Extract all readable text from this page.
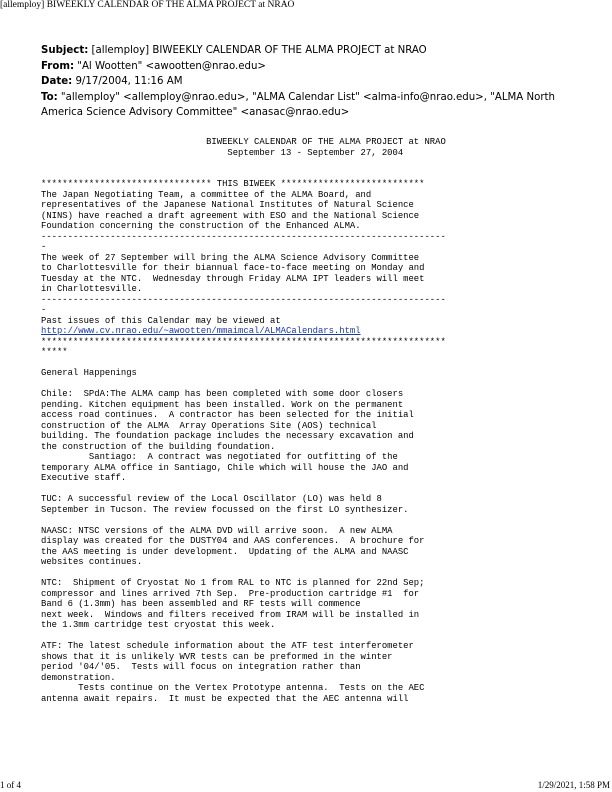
[allemploy] BIWEEKLY CALENDAR OF THE ALMA PROJECT at NRAO

Subject: [allemploy] BIWEEKLY CALENDAR OF THE ALMA PROJECT at NRAO

From: "Al Wootten" <awootten@nrao.edu>

Date: 9/17/2004, 11:16 AM

To: "allemploy" <allemploy@nrao.edu>, "ALMA Calendar List" <alma-info@nrao.edu>, "ALMA North
America Science Advisory Committee" <anasac@nrao.edu>

BIWEEKLY CALENDAR OF THE ALMA PROJECT at NRAO
September 13 - September 27, 2004
******************************** THIS BIWEEK ***************************
The Japan Negotiating Team, a committee of the ALMA Board, and
representatives of the Japanese National Institutes of Natural Science
(NINS) have reached a draft agreement with ESO and the National Science
Foundation concerning the construction of the Enhanced ALMA.
----------------------------------------------------------------------------
-
The week of 27 September will bring the ALMA Science Advisory Committee
to Charlottesville for their biannual face-to-face meeting on Monday and
Tuesday at the NTC.  Wednesday through Friday ALMA IPT leaders will meet
in Charlottesville.
----------------------------------------------------------------------------
-
Past issues of this Calendar may be viewed at
http://www.cv.nrao.edu/~awootten/mmaimcal/ALMACalendars.html
****************************************************************************
*****
General Happenings
Chile:  SPdA:The ALMA camp has been completed with some door closers
pending. Kitchen equipment has been installed. Work on the permanent
access road continues.  A contractor has been selected for the initial
construction of the ALMA  Array Operations Site (AOS) technical
building. The foundation package includes the necessary excavation and
the construction of the building foundation.
Santiago:  A contract was negotiated for outfitting of the
temporary ALMA office in Santiago, Chile which will house the JAO and
Executive staff.
TUC: A successful review of the Local Oscillator (LO) was held 8
September in Tucson. The review focussed on the first LO synthesizer.
NAASC: NTSC versions of the ALMA DVD will arrive soon.  A new ALMA
display was created for the DUSTY04 and AAS conferences.  A brochure for
the AAS meeting is under development.  Updating of the ALMA and NAASC
websites continues.
NTC:  Shipment of Cryostat No 1 from RAL to NTC is planned for 22nd Sep;
compressor and lines arrived 7th Sep.  Pre-production cartridge #1  for
Band 6 (1.3mm) has been assembled and RF tests will commence
next week.  Windows and filters received from IRAM will be installed in
the 1.3mm cartridge test cryostat this week.
ATF: The latest schedule information about the ATF test interferometer
shows that it is unlikely WVR tests can be preformed in the winter
period '04/'05.  Tests will focus on integration rather than
demonstration.
Tests continue on the Vertex Prototype antenna.  Tests on the AEC
antenna await repairs.  It must be expected that the AEC antenna will
1 of 4	1/29/2021, 1:58 PM
